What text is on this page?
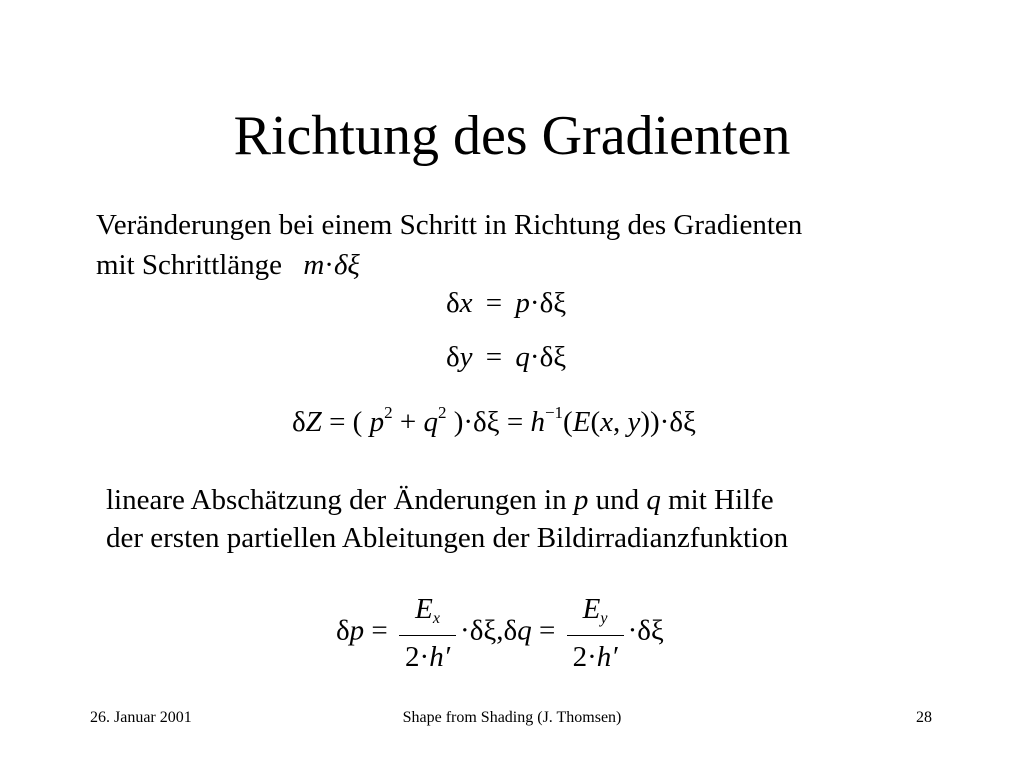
Richtung des Gradienten
Veränderungen bei einem Schritt in Richtung des Gradienten
mit Schrittlänge m·δξ
δx = p·δξ
δy = q·δξ
δZ = ( $p^2 + q^2$ )$\cdot\delta\xi = h^{-1}(E(x$, y))·δξ
lineare Abschätzung der Änderungen in p und q mit Hilfe
der ersten partiellen Ableitungen der Bildirradianzfunktion
$\delta p = \frac{Ex}{2\cdot h'} \cdot\delta\xi,\delta q = \frac{Ey}{2\cdot h'} \cdot\delta\xi$
26. Januar 2001	Shape from Shading (J. Thomsen)	28
